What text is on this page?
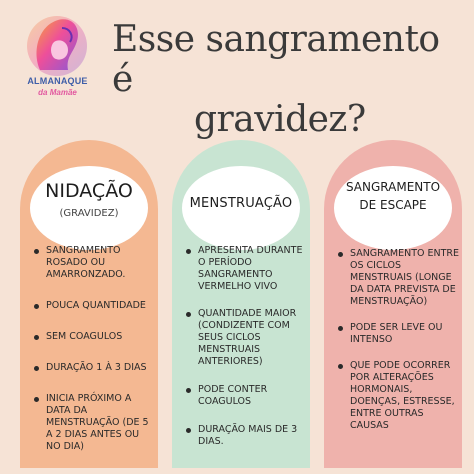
ALMANAQUE
da Mamãe
Esse sangramento é
gravidez?
NIDAÇÃO
(GRAVIDEZ)
MENSTRUAÇÃO
SANGRAMENTO
DE ESCAPE
SANGRAMENTO ROSADO OU AMARRONZADO.
POUCA QUANTIDADE
SEM COAGULOS
DURAÇÃO 1 À 3 DIAS
INICIA PRÓXIMO A DATA DA MENSTRUAÇÃO (DE 5 A 2 DIAS ANTES OU NO DIA)
APRESENTA DURANTE O PERÍODO SANGRAMENTO VERMELHO VIVO
QUANTIDADE MAIOR (CONDIZENTE COM SEUS CICLOS MENSTRUAIS ANTERIORES)
PODE CONTER COAGULOS
DURAÇÃO MAIS DE 3 DIAS.
SANGRAMENTO ENTRE OS CICLOS MENSTRUAIS (LONGE DA DATA PREVISTA DE MENSTRUAÇÃO)
PODE SER LEVE OU INTENSO
QUE PODE OCORRER POR ALTERAÇÕES HORMONAIS, DOENÇAS, ESTRESSE, ENTRE OUTRAS CAUSAS
